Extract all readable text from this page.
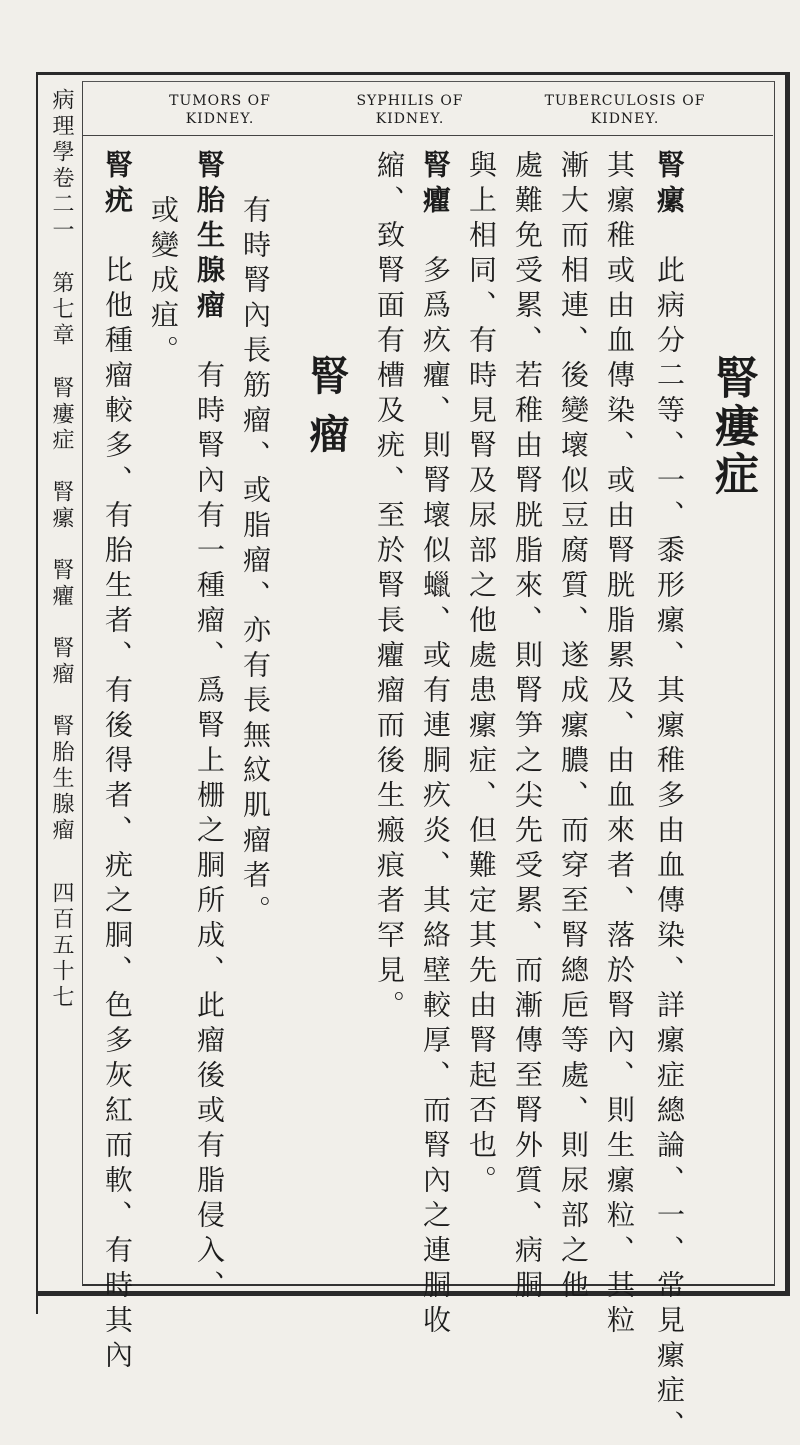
病理學卷二一 第七章 腎瘻症　腎瘰　腎癯　腎瘤　腎胎生腺瘤 四百五十七
TUMORS OF
KIDNEY.
SYPHILIS OF
KIDNEY.
TUBERCULOSIS OF
KIDNEY.
腎瘻症
腎瘤
腎瘰　此病分二等、一、黍形瘰、其瘰稚多由血傳染、詳瘰症總論、一、常見瘰症、
其瘰稚或由血傳染、或由腎胱脂累及、由血來者、落於腎內、則生瘰粒、其粒
漸大而相連、後變壞似豆腐質、遂成瘰膿、而穿至腎總巵等處、則尿部之他
處難免受累、若稚由腎胱脂來、則腎笋之尖先受累、而漸傳至腎外質、病胴
與上相同、有時見腎及尿部之他處患瘰症、但難定其先由腎起否也。
腎癯　多爲疚癯、則腎壞似蠟、或有連胴疚炎、其絡壁較厚、而腎內之連胴收
縮、致腎面有槽及疣、至於腎長癯瘤而後生瘢痕者罕見。
有時腎內長筋瘤、或脂瘤、亦有長無紋肌瘤者。
腎胎生腺瘤　有時腎內有一種瘤、爲腎上栅之胴所成、此瘤後或有脂侵入、
或變成疽。
腎疣　比他種瘤較多、有胎生者、有後得者、疣之胴、色多灰紅而軟、有時其內
